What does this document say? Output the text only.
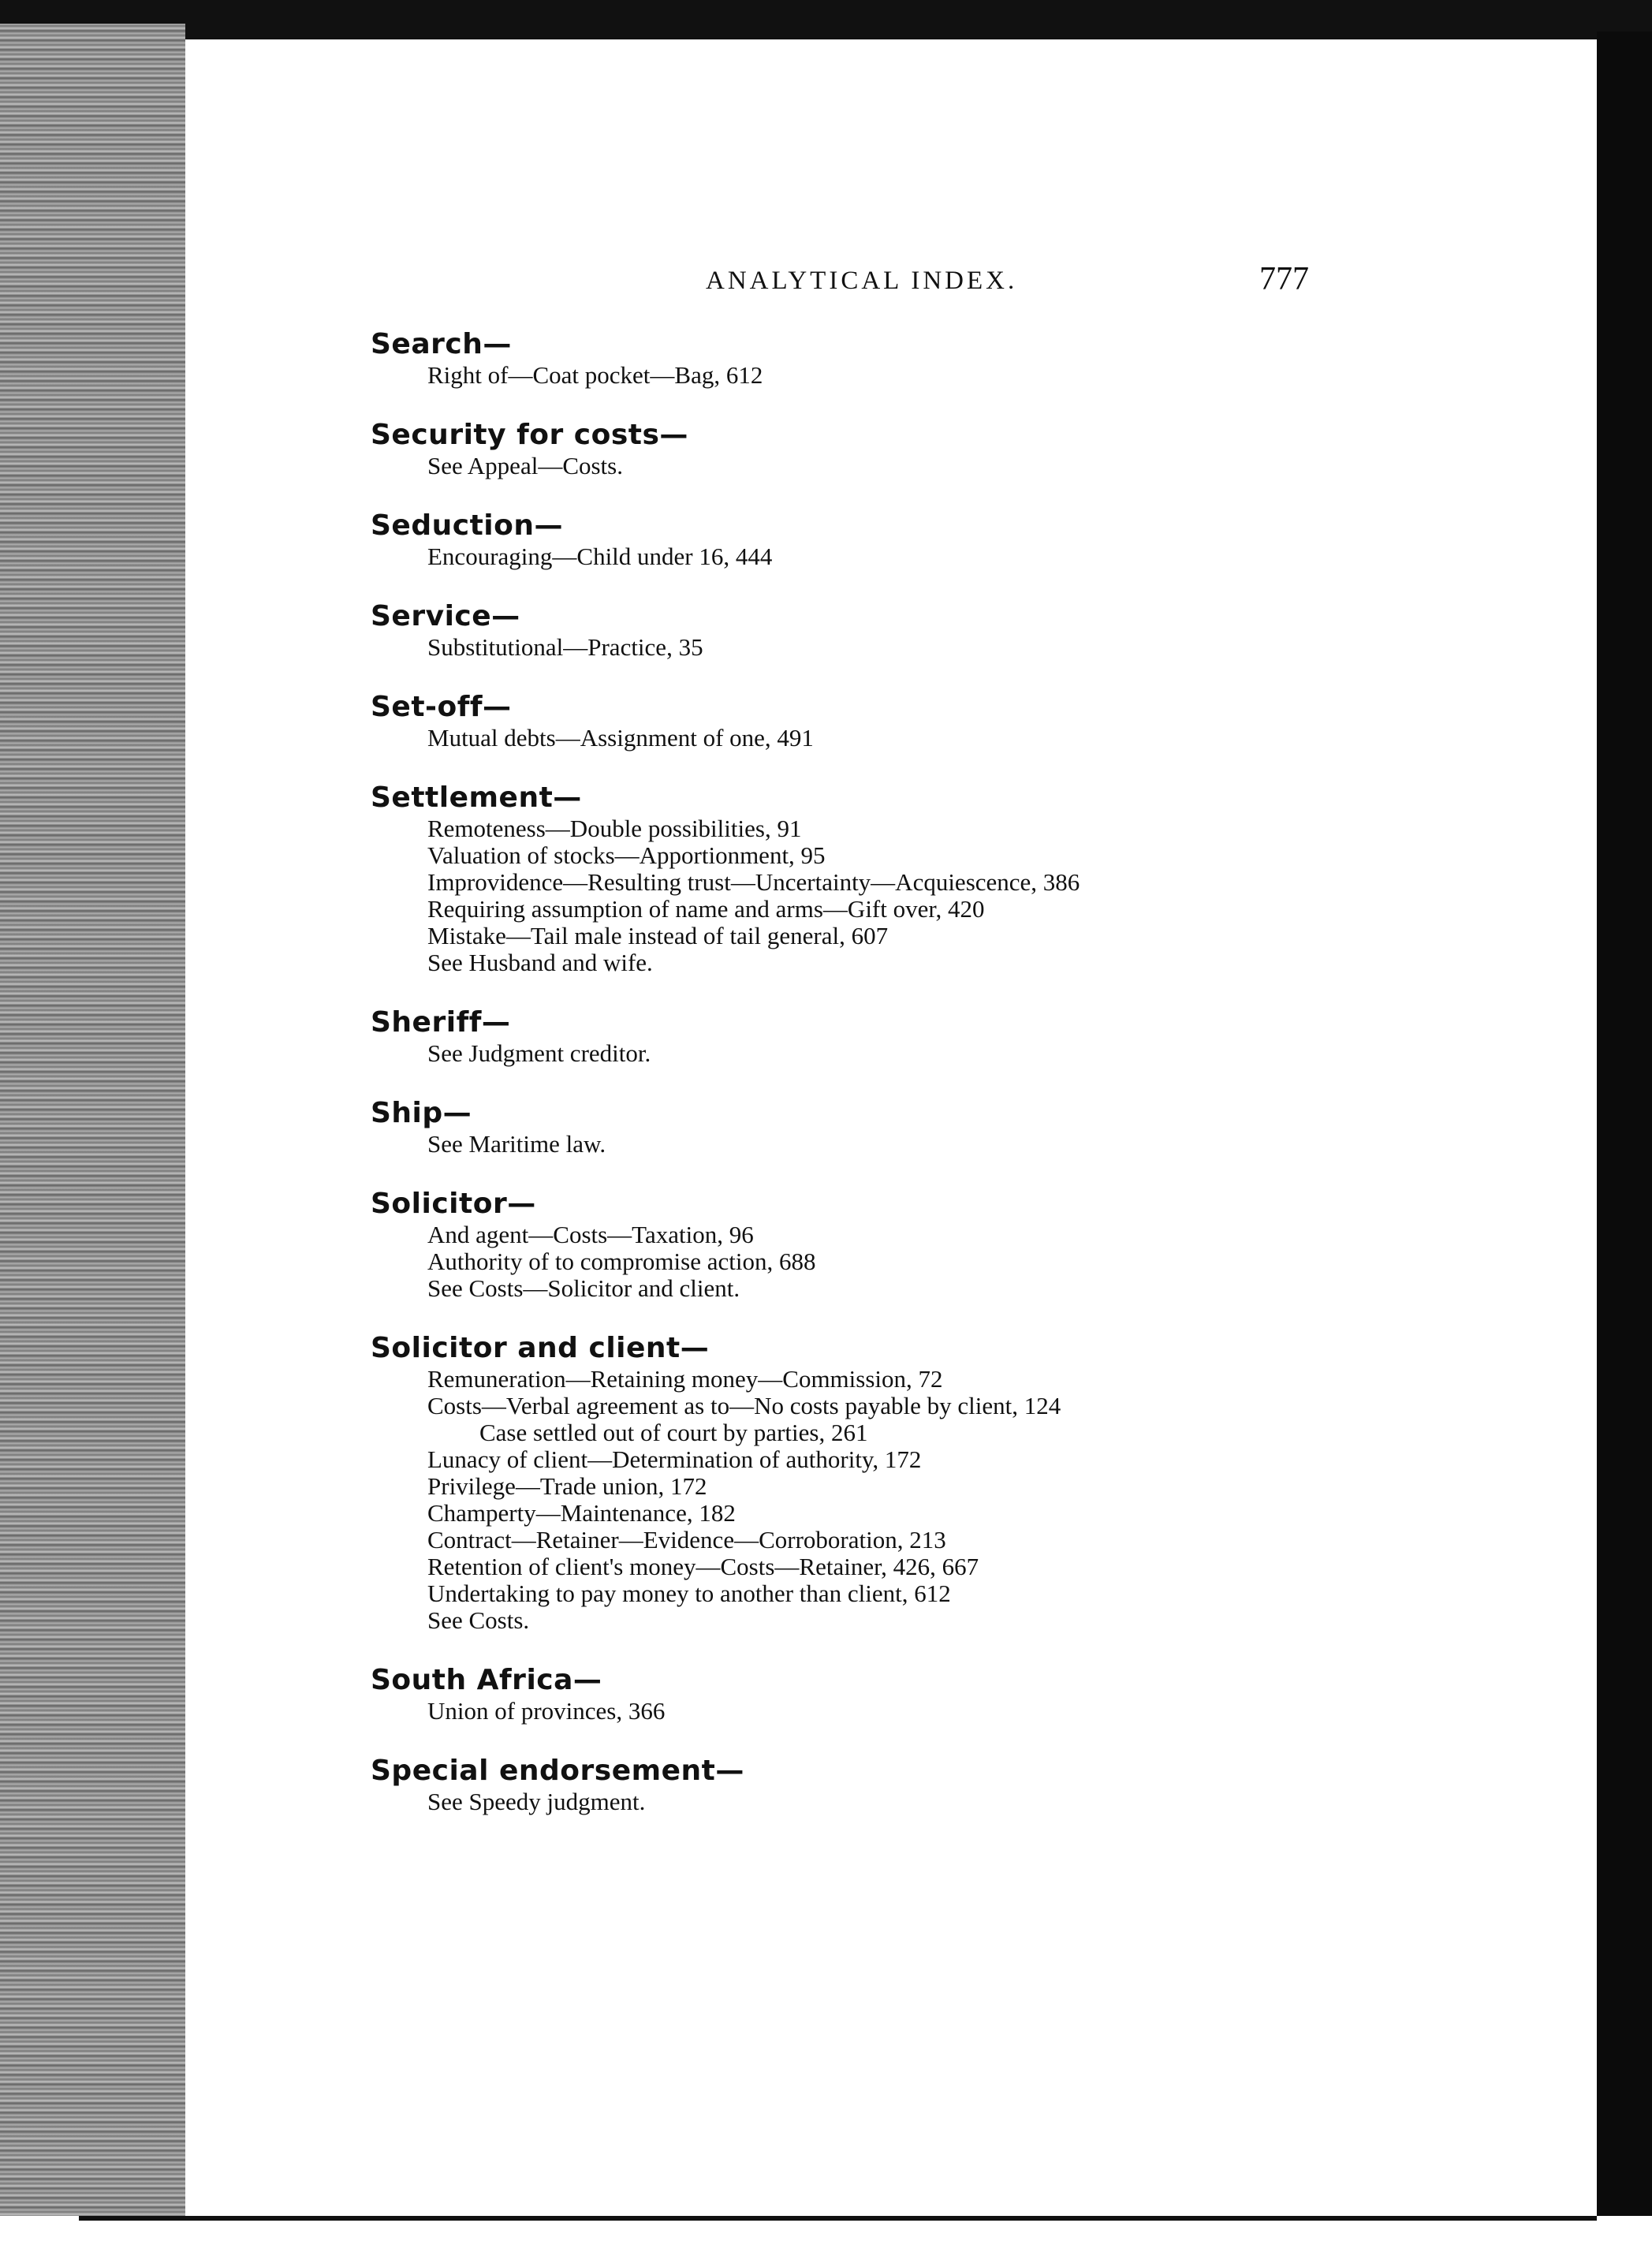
ANALYTICAL INDEX.	777
Search—
Right of—Coat pocket—Bag, 612
Security for costs—
See Appeal—Costs.
Seduction—
Encouraging—Child under 16, 444
Service—
Substitutional—Practice, 35
Set-off—
Mutual debts—Assignment of one, 491
Settlement—
Remoteness—Double possibilities, 91
Valuation of stocks—Apportionment, 95
Improvidence—Resulting trust—Uncertainty—Acquiescence, 386
Requiring assumption of name and arms—Gift over, 420
Mistake—Tail male instead of tail general, 607
See Husband and wife.
Sheriff—
See Judgment creditor.
Ship—
See Maritime law.
Solicitor—
And agent—Costs—Taxation, 96
Authority of to compromise action, 688
See Costs—Solicitor and client.
Solicitor and client—
Remuneration—Retaining money—Commission, 72
Costs—Verbal agreement as to—No costs payable by client, 124
Case settled out of court by parties, 261
Lunacy of client—Determination of authority, 172
Privilege—Trade union, 172
Champerty—Maintenance, 182
Contract—Retainer—Evidence—Corroboration, 213
Retention of client's money—Costs—Retainer, 426, 667
Undertaking to pay money to another than client, 612
See Costs.
South Africa—
Union of provinces, 366
Special endorsement—
See Speedy judgment.
